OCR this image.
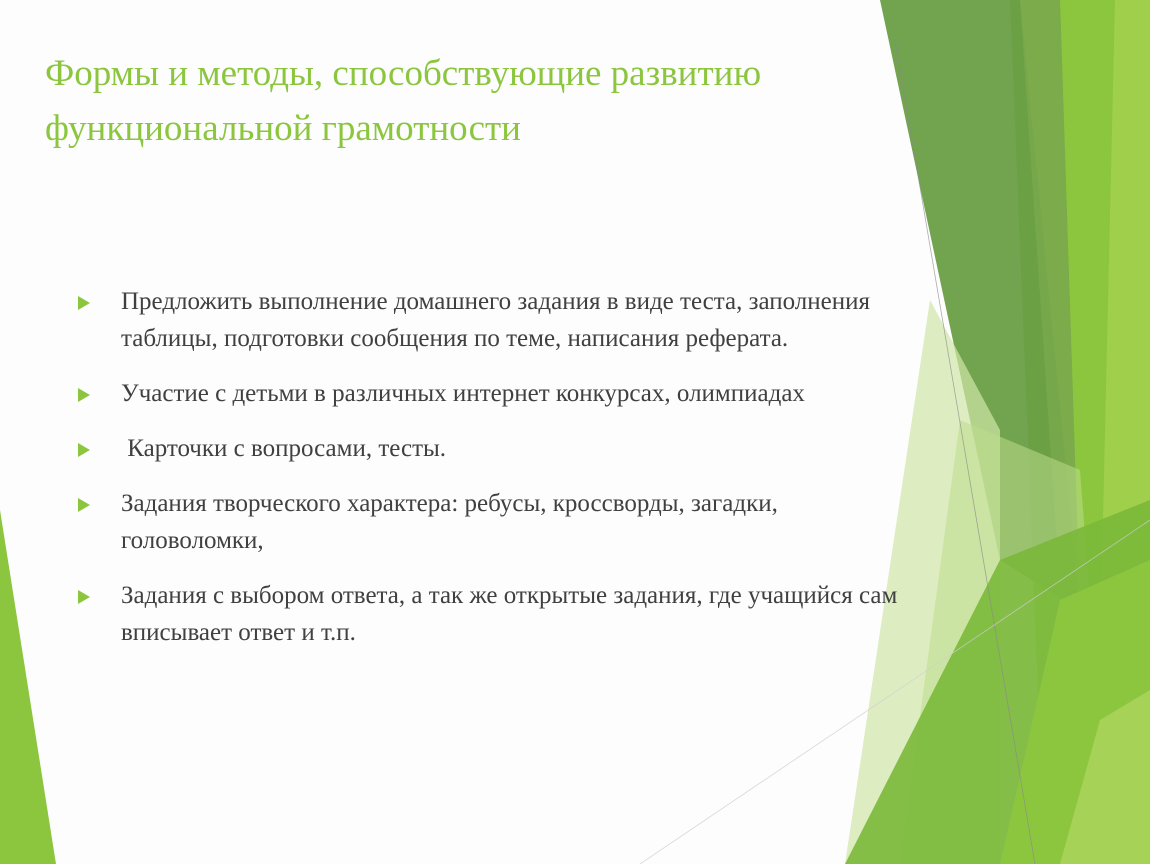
Формы и методы, способствующие развитию функциональной грамотности
Предложить выполнение домашнего задания в виде теста, заполнения таблицы, подготовки сообщения по теме, написания реферата.
Участие с детьми в различных интернет конкурсах, олимпиадах
Карточки с вопросами, тесты.
Задания творческого характера: ребусы, кроссворды, загадки, головоломки,
Задания с выбором ответа, а так же открытые задания, где учащийся сам вписывает ответ и т.п.
